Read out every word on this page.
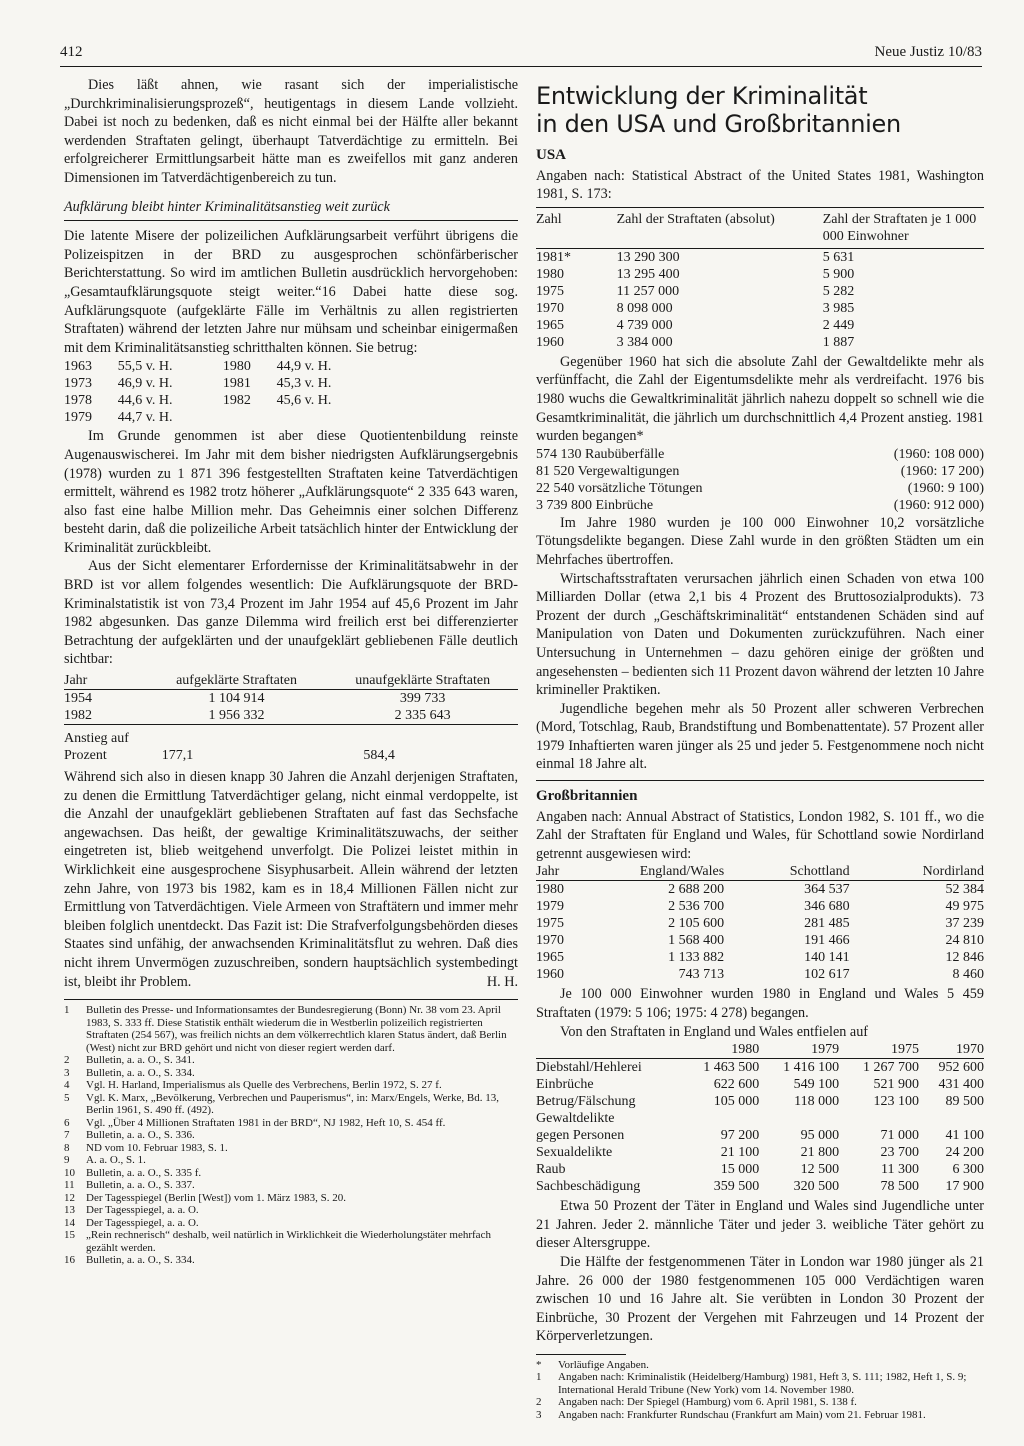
412	Neue Justiz 10/83

Dies läßt ahnen, wie rasant sich der imperialistische „Durchkriminalisierungsprozeß“, heutigentags in diesem Lande vollzieht. Dabei ist noch zu bedenken, daß es nicht einmal bei der Hälfte aller bekannt werdenden Straftaten gelingt, überhaupt Tatverdächtige zu ermitteln. Bei erfolgreicherer Ermittlungsarbeit hätte man es zweifellos mit ganz anderen Dimensionen im Tatverdächtigenbereich zu tun.

Aufklärung bleibt hinter Kriminalitätsanstieg weit zurück

Die latente Misere der polizeilichen Aufklärungsarbeit verführt übrigens die Polizeispitzen in der BRD zu ausgesprochen schönfärberischer Berichterstattung. So wird im amtlichen Bulletin ausdrücklich hervorgehoben: „Gesamtaufklärungsquote steigt weiter.“16 Dabei hatte diese sog. Aufklärungsquote (aufgeklärte Fälle im Verhältnis zu allen registrierten Straftaten) während der letzten Jahre nur mühsam und scheinbar einigermaßen mit dem Kriminalitätsanstieg schritthalten können. Sie betrug:

1963	55,5 v. H.	1980	44,9 v. H.
1973	46,9 v. H.	1981	45,3 v. H.
1978	44,6 v. H.	1982	45,6 v. H.
1979	44,7 v. H.		

Im Grunde genommen ist aber diese Quotientenbildung reinste Augenauswischerei. Im Jahr mit dem bisher niedrigsten Aufklärungsergebnis (1978) wurden zu 1 871 396 festgestellten Straftaten keine Tatverdächtigen ermittelt, während es 1982 trotz höherer „Aufklärungsquote“ 2 335 643 waren, also fast eine halbe Million mehr. Das Geheimnis einer solchen Differenz besteht darin, daß die polizeiliche Arbeit tatsächlich hinter der Entwicklung der Kriminalität zurückbleibt.

Aus der Sicht elementarer Erfordernisse der Kriminalitätsabwehr in der BRD ist vor allem folgendes wesentlich: Die Aufklärungsquote der BRD-Kriminalstatistik ist von 73,4 Prozent im Jahr 1954 auf 45,6 Prozent im Jahr 1982 abgesunken. Das ganze Dilemma wird freilich erst bei differenzierter Betrachtung der aufgeklärten und der unaufgeklärt gebliebenen Fälle deutlich sichtbar:

Jahr	aufgeklärte Straftaten	unaufgeklärte Straftaten
1954	1 104 914	399 733
1982	1 956 332	2 335 643
Anstieg auf		
Prozent	177,1	584,4

Während sich also in diesen knapp 30 Jahren die Anzahl derjenigen Straftaten, zu denen die Ermittlung Tatverdächtiger gelang, nicht einmal verdoppelte, ist die Anzahl der unaufgeklärt gebliebenen Straftaten auf fast das Sechsfache angewachsen. Das heißt, der gewaltige Kriminalitätszuwachs, der seither eingetreten ist, blieb weitgehend unverfolgt. Die Polizei leistet mithin in Wirklichkeit eine ausgesprochene Sisyphusarbeit. Allein während der letzten zehn Jahre, von 1973 bis 1982, kam es in 18,4 Millionen Fällen nicht zur Ermittlung von Tatverdächtigen. Viele Armeen von Straftätern und immer mehr bleiben folglich unentdeckt. Das Fazit ist: Die Strafverfolgungsbehörden dieses Staates sind unfähig, der anwachsenden Kriminalitätsflut zu wehren. Daß dies nicht ihrem Unvermögen zuzuschreiben, sondern hauptsächlich systembedingt ist, bleibt ihr Problem.	H. H.

1	Bulletin des Presse- und Informationsamtes der Bundesregierung (Bonn) Nr. 38 vom 23. April 1983, S. 333 ff. Diese Statistik enthält wiederum die in Westberlin polizeilich registrierten Straftaten (254 567), was freilich nichts an dem völkerrechtlich klaren Status ändert, daß Berlin (West) nicht zur BRD gehört und nicht von dieser regiert werden darf.
2	Bulletin, a. a. O., S. 341.
3	Bulletin, a. a. O., S. 334.
4	Vgl. H. Harland, Imperialismus als Quelle des Verbrechens, Berlin 1972, S. 27 f.
5	Vgl. K. Marx, „Bevölkerung, Verbrechen und Pauperismus“, in: Marx/Engels, Werke, Bd. 13, Berlin 1961, S. 490 ff. (492).
6	Vgl. „Über 4 Millionen Straftaten 1981 in der BRD“, NJ 1982, Heft 10, S. 454 ff.
7	Bulletin, a. a. O., S. 336.
8	ND vom 10. Februar 1983, S. 1.
9	A. a. O., S. 1.
10	Bulletin, a. a. O., S. 335 f.
11	Bulletin, a. a. O., S. 337.
12	Der Tagesspiegel (Berlin [West]) vom 1. März 1983, S. 20.
13	Der Tagesspiegel, a. a. O.
14	Der Tagesspiegel, a. a. O.
15	„Rein rechnerisch“ deshalb, weil natürlich in Wirklichkeit die Wiederholungstäter mehrfach gezählt werden.
16	Bulletin, a. a. O., S. 334.
Entwicklung der Kriminalität
in den USA und Großbritannien
USA

Angaben nach: Statistical Abstract of the United States 1981, Washington 1981, S. 173:

Zahl	Zahl der Straftaten (absolut)	Zahl der Straftaten je 1 000 000 Einwohner
1981*	13 290 300	5 631
1980	13 295 400	5 900
1975	11 257 000	5 282
1970	8 098 000	3 985
1965	4 739 000	2 449
1960	3 384 000	1 887

Gegenüber 1960 hat sich die absolute Zahl der Gewaltdelikte mehr als verfünffacht, die Zahl der Eigentumsdelikte mehr als verdreifacht. 1976 bis 1980 wuchs die Gewaltkriminalität jährlich nahezu doppelt so schnell wie die Gesamtkriminalität, die jährlich um durchschnittlich 4,4 Prozent anstieg. 1981 wurden begangen*

574 130 Raubüberfälle	(1960: 108 000)
81 520 Vergewaltigungen	(1960: 17 200)
22 540 vorsätzliche Tötungen	(1960: 9 100)
3 739 800 Einbrüche	(1960: 912 000)

Im Jahre 1980 wurden je 100 000 Einwohner 10,2 vorsätzliche Tötungsdelikte begangen. Diese Zahl wurde in den größten Städten um ein Mehrfaches übertroffen.

Wirtschaftsstraftaten verursachen jährlich einen Schaden von etwa 100 Milliarden Dollar (etwa 2,1 bis 4 Prozent des Bruttosozialprodukts). 73 Prozent der durch „Geschäftskriminalität“ entstandenen Schäden sind auf Manipulation von Daten und Dokumenten zurückzuführen. Nach einer Untersuchung in Unternehmen – dazu gehören einige der größten und angesehensten – bedienten sich 11 Prozent davon während der letzten 10 Jahre krimineller Praktiken.

Jugendliche begehen mehr als 50 Prozent aller schweren Verbrechen (Mord, Totschlag, Raub, Brandstiftung und Bombenattentate). 57 Prozent aller 1979 Inhaftierten waren jünger als 25 und jeder 5. Festgenommene noch nicht einmal 18 Jahre alt.

Großbritannien

Angaben nach: Annual Abstract of Statistics, London 1982, S. 101 ff., wo die Zahl der Straftaten für England und Wales, für Schottland sowie Nordirland getrennt ausgewiesen wird:

Jahr	England/Wales	Schottland	Nordirland
1980	2 688 200	364 537	52 384
1979	2 536 700	346 680	49 975
1975	2 105 600	281 485	37 239
1970	1 568 400	191 466	24 810
1965	1 133 882	140 141	12 846
1960	743 713	102 617	8 460

Je 100 000 Einwohner wurden 1980 in England und Wales 5 459 Straftaten (1979: 5 106; 1975: 4 278) begangen.

Von den Straftaten in England und Wales entfielen auf

	1980	1979	1975	1970
Diebstahl/Hehlerei	1 463 500	1 416 100	1 267 700	952 600
Einbrüche	622 600	549 100	521 900	431 400
Betrug/Fälschung	105 000	118 000	123 100	89 500
Gewaltdelikte				
gegen Personen	97 200	95 000	71 000	41 100
Sexualdelikte	21 100	21 800	23 700	24 200
Raub	15 000	12 500	11 300	6 300
Sachbeschädigung	359 500	320 500	78 500	17 900

Etwa 50 Prozent der Täter in England und Wales sind Jugendliche unter 21 Jahren. Jeder 2. männliche Täter und jeder 3. weibliche Täter gehört zu dieser Altersgruppe.

Die Hälfte der festgenommenen Täter in London war 1980 jünger als 21 Jahre. 26 000 der 1980 festgenommenen 105 000 Verdächtigen waren zwischen 10 und 16 Jahre alt. Sie verübten in London 30 Prozent der Einbrüche, 30 Prozent der Vergehen mit Fahrzeugen und 14 Prozent der Körperverletzungen.

*	Vorläufige Angaben.
1	Angaben nach: Kriminalistik (Heidelberg/Hamburg) 1981, Heft 3, S. 111; 1982, Heft 1, S. 9; International Herald Tribune (New York) vom 14. November 1980.
2	Angaben nach: Der Spiegel (Hamburg) vom 6. April 1981, S. 138 f.
3	Angaben nach: Frankfurter Rundschau (Frankfurt am Main) vom 21. Februar 1981.
